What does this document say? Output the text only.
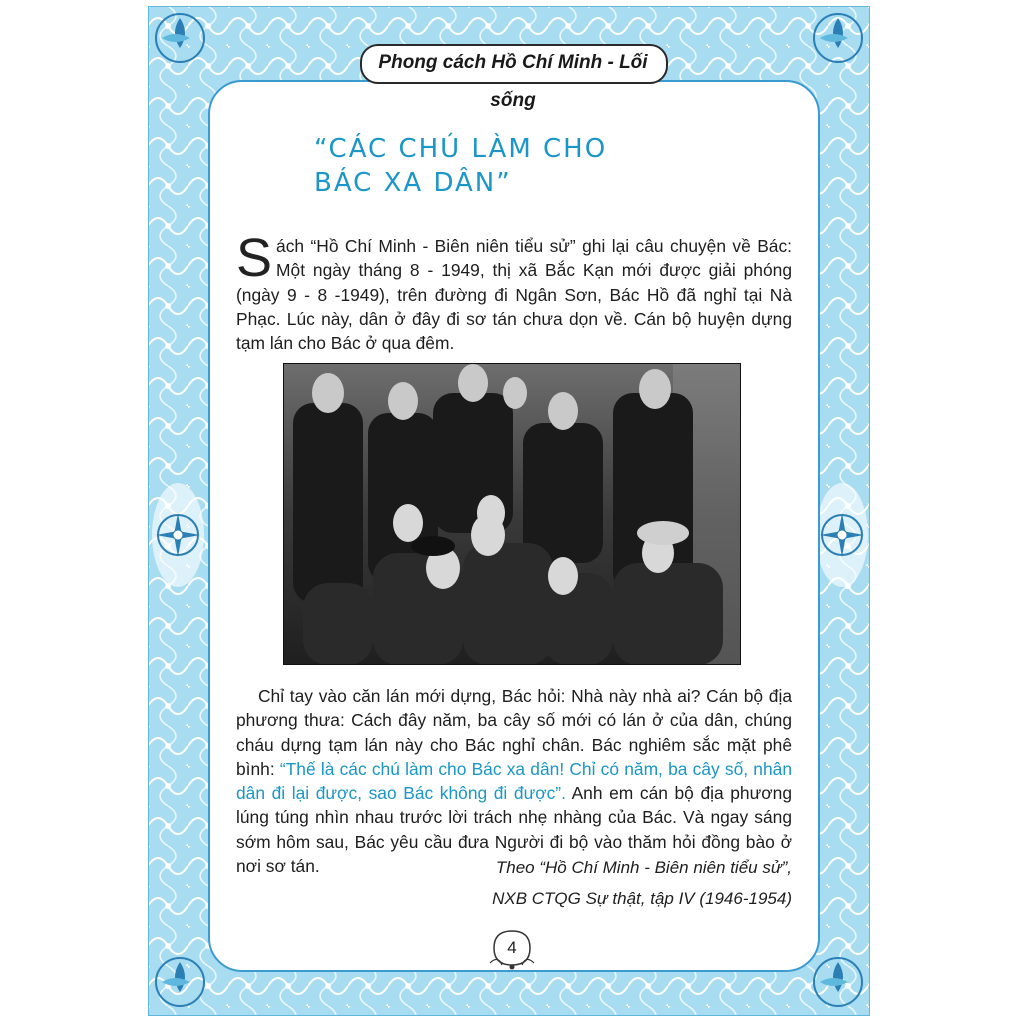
Phong cách Hồ Chí Minh - Lối sống
“CÁC CHÚ LÀM CHO
BÁC XA DÂN”

Sách “Hồ Chí Minh - Biên niên tiểu sử” ghi lại câu chuyện về Bác: Một ngày tháng 8 - 1949, thị xã Bắc Kạn mới được giải phóng (ngày 9 - 8 -1949), trên đường đi Ngân Sơn, Bác Hồ đã nghỉ tại Nà Phạc. Lúc này, dân ở đây đi sơ tán chưa dọn về. Cán bộ huyện dựng tạm lán cho Bác ở qua đêm.

Chỉ tay vào căn lán mới dựng, Bác hỏi: Nhà này nhà ai? Cán bộ địa phương thưa: Cách đây năm, ba cây số mới có lán ở của dân, chúng cháu dựng tạm lán này cho Bác nghỉ chân. Bác nghiêm sắc mặt phê bình: “Thế là các chú làm cho Bác xa dân! Chỉ có năm, ba cây số, nhân dân đi lại được, sao Bác không đi được”. Anh em cán bộ địa phương lúng túng nhìn nhau trước lời trách nhẹ nhàng của Bác. Và ngay sáng sớm hôm sau, Bác yêu cầu đưa Người đi bộ vào thăm hỏi đồng bào ở nơi sơ tán.	Theo “Hồ Chí Minh - Biên niên tiểu sử”,

NXB CTQG Sự thật, tập IV (1946-1954)

4
